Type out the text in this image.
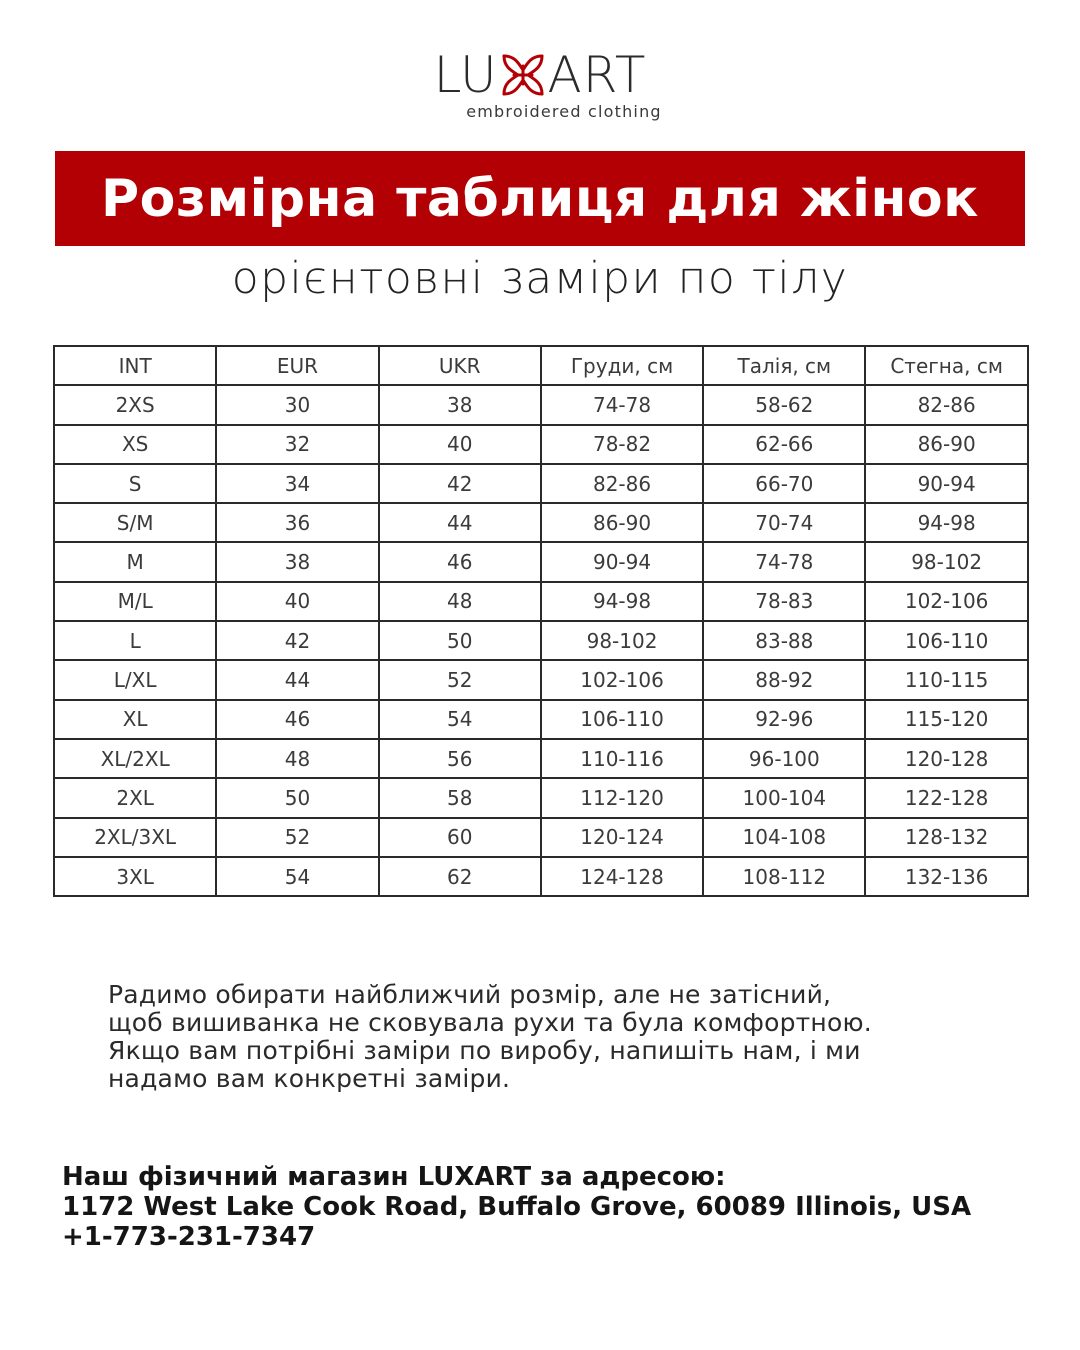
LU ART
embroidered clothing
Розмірна таблиця для жінок
орієнтовні заміри по тілу
INT	EUR	UKR	Груди, см	Талія, см	Стегна, см
2XS	30	38	74-78	58-62	82-86
XS	32	40	78-82	62-66	86-90
S	34	42	82-86	66-70	90-94
S/M	36	44	86-90	70-74	94-98
M	38	46	90-94	74-78	98-102
M/L	40	48	94-98	78-83	102-106
L	42	50	98-102	83-88	106-110
L/XL	44	52	102-106	88-92	110-115
XL	46	54	106-110	92-96	115-120
XL/2XL	48	56	110-116	96-100	120-128
2XL	50	58	112-120	100-104	122-128
2XL/3XL	52	60	120-124	104-108	128-132
3XL	54	62	124-128	108-112	132-136
Радимо обирати найближчий розмір, але не затісний,
щоб вишиванка не сковувала рухи та була комфортною.
Якщо вам потрібні заміри по виробу, напишіть нам, і ми
надамо вам конкретні заміри.
Наш фізичний магазин LUXART за адресою:
1172 West Lake Cook Road, Buffalo Grove, 60089 Illinois, USA
+1-773-231-7347
